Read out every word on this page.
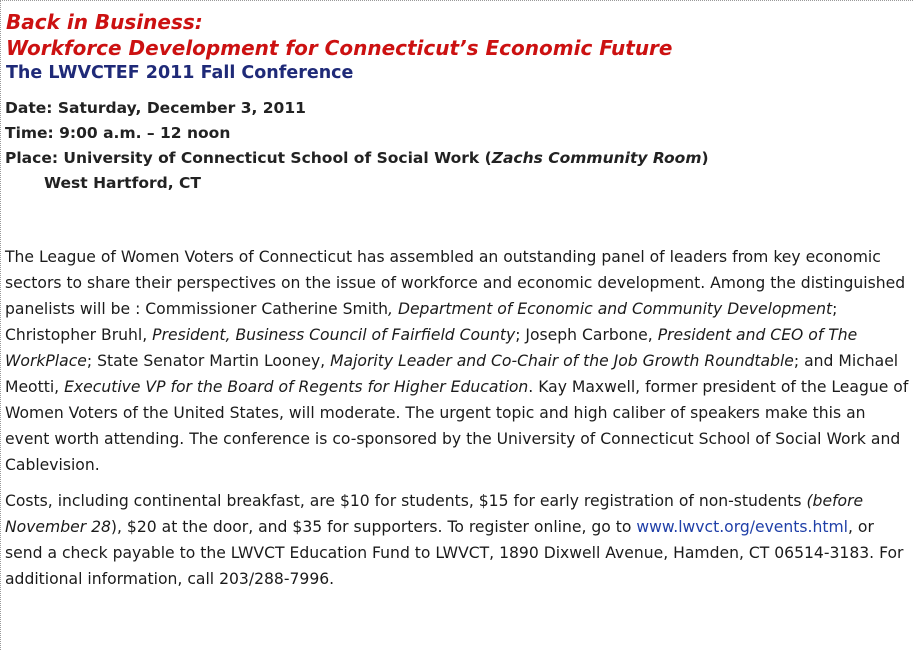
Back in Business:
Workforce Development for Connecticut’s Economic Future
The LWVCTEF 2011 Fall Conference
Date: Saturday, December 3, 2011
Time: 9:00 a.m. – 12 noon
Place: University of Connecticut School of Social Work (Zachs Community Room)
West Hartford, CT
The League of Women Voters of Connecticut has assembled an outstanding panel of leaders from key economic sectors to share their perspectives on the issue of workforce and economic development. Among the distinguished panelists will be : Commissioner Catherine Smith, Department of Economic and Community Development; Christopher Bruhl, President, Business Council of Fairfield County; Joseph Carbone, President and CEO of The WorkPlace; State Senator Martin Looney, Majority Leader and Co-Chair of the Job Growth Roundtable; and Michael Meotti, Executive VP for the Board of Regents for Higher Education. Kay Maxwell, former president of the League of Women Voters of the United States, will moderate. The urgent topic and high caliber of speakers make this an event worth attending. The conference is co-sponsored by the University of Connecticut School of Social Work and Cablevision.
Costs, including continental breakfast, are $10 for students, $15 for early registration of non-students (before November 28), $20 at the door, and $35 for supporters. To register online, go to www.lwvct.org/events.html, or send a check payable to the LWVCT Education Fund to LWVCT, 1890 Dixwell Avenue, Hamden, CT 06514-3183. For additional information, call 203/288-7996.
